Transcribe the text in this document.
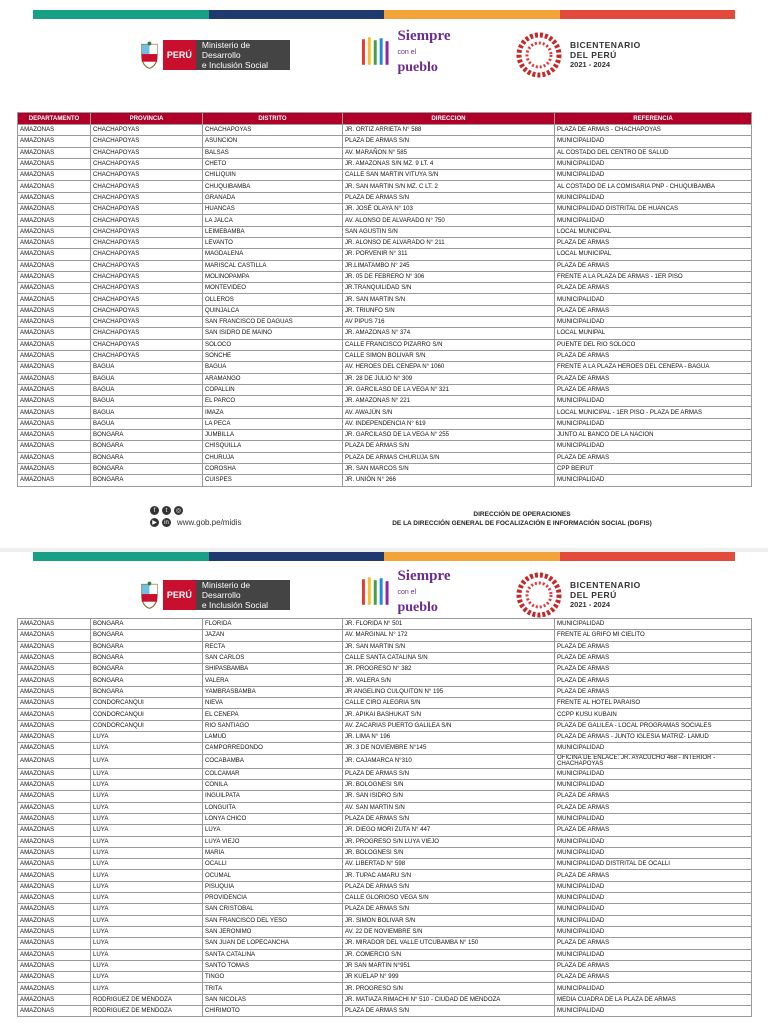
PERÚ
Ministerio de Desarrollo
e Inclusión Social
Siempre
con el pueblo
BICENTENARIO
DEL PERÚ
2021 - 2024
DEPARTAMENTO	PROVINCIA	DISTRITO	DIRECCION	REFERENCIA
AMAZONAS	CHACHAPOYAS	CHACHAPOYAS	JR. ORTIZ ARRIETA N° 588	PLAZA DE ARMAS - CHACHAPOYAS
AMAZONAS	CHACHAPOYAS	ASUNCION	PLAZA DE ARMAS S/N	MUNICIPALIDAD
AMAZONAS	CHACHAPOYAS	BALSAS	AV. MARAÑON N° 585	AL COSTADO DEL CENTRO DE SALUD
AMAZONAS	CHACHAPOYAS	CHETO	JR. AMAZONAS S/N MZ. 9 LT. 4	MUNICIPALIDAD
AMAZONAS	CHACHAPOYAS	CHILIQUIN	CALLE SAN MARTIN VITUYA S/N	MUNICIPALIDAD
AMAZONAS	CHACHAPOYAS	CHUQUIBAMBA	JR. SAN MARTIN S/N MZ. C LT. 2	AL COSTADO DE LA COMISARIA PNP - CHUQUIBAMBA
AMAZONAS	CHACHAPOYAS	GRANADA	PLAZA DE ARMAS S/N	MUNICIPALIDAD
AMAZONAS	CHACHAPOYAS	HUANCAS	JR. JOSÉ OLAYA N° 103	MUNICIPALIDAD DISTRITAL DE HUANCAS
AMAZONAS	CHACHAPOYAS	LA JALCA	AV. ALONSO DE ALVARADO N° 750	MUNICIPALIDAD
AMAZONAS	CHACHAPOYAS	LEIMEBAMBA	SAN AGUSTIN S/N	LOCAL MUNICIPAL
AMAZONAS	CHACHAPOYAS	LEVANTO	JR. ALONSO DE ALVARADO N° 211	PLAZA DE ARMAS
AMAZONAS	CHACHAPOYAS	MAGDALENA	JR. PORVENIR N° 311	LOCAL MUNICIPAL
AMAZONAS	CHACHAPOYAS	MARISCAL CASTILLA	JR.LIMATAMBO N° 245	PLAZA DE ARMAS
AMAZONAS	CHACHAPOYAS	MOLINOPAMPA	JR. 05 DE FEBRERO N° 306	FRENTE A LA PLAZA DE ARMAS - 1ER PISO
AMAZONAS	CHACHAPOYAS	MONTEVIDEO	JR.TRANQUILIDAD S/N	PLAZA DE ARMAS
AMAZONAS	CHACHAPOYAS	OLLEROS	JR. SAN MARTIN S/N	MUNICIPALIDAD
AMAZONAS	CHACHAPOYAS	QUINJALCA	JR. TRIUNFO S/N	PLAZA DE ARMAS
AMAZONAS	CHACHAPOYAS	SAN FRANCISCO DE DAGUAS	AV PIPUS 716	MUNICIPALIDAD
AMAZONAS	CHACHAPOYAS	SAN ISIDRO DE MAINO	JR. AMAZONAS N° 374	LOCAL MUNIPAL
AMAZONAS	CHACHAPOYAS	SOLOCO	CALLE FRANCISCO PIZARRO S/N	PUENTE DEL RIO SOLOCO
AMAZONAS	CHACHAPOYAS	SONCHE	CALLE SIMON BOLIVAR S/N	PLAZA DE ARMAS
AMAZONAS	BAGUA	BAGUA	AV. HEROES DEL CENEPA N° 1060	FRENTE A LA PLAZA HEROES DEL CENEPA - BAGUA
AMAZONAS	BAGUA	ARAMANGO	JR. 28 DE JULIO N° 309	PLAZA DE ARMAS
AMAZONAS	BAGUA	COPALLIN	JR. GARCILASO DE LA VEGA N° 321	PLAZA DE ARMAS
AMAZONAS	BAGUA	EL PARCO	JR. AMAZONAS N° 221	MUNICIPALIDAD
AMAZONAS	BAGUA	IMAZA	AV. AWAJÚN S/N	LOCAL MUNICIPAL - 1ER PISO - PLAZA DE ARMAS
AMAZONAS	BAGUA	LA PECA	AV. INDEPENDENCIA N° 619	MUNICIPALIDAD
AMAZONAS	BONGARA	JUMBILLA	JR. GARCILASO DE LA VEGA N° 255	JUNTO AL BANCO DE LA NACION
AMAZONAS	BONGARA	CHISQUILLA	PLAZA DE ARMAS S/N	MUNICIPALIDAD
AMAZONAS	BONGARA	CHURUJA	PLAZA DE ARMAS CHURUJA S/N	PLAZA DE ARMAS
AMAZONAS	BONGARA	COROSHA	JR. SAN MARCOS S/N	CPP BEIRUT
AMAZONAS	BONGARA	CUISPES	JR. UNIÓN N° 266	MUNICIPALIDAD
f	t	◎
▶	in www.gob.pe/midis
DIRECCIÓN DE OPERACIONES
DE LA DIRECCIÓN GENERAL DE FOCALIZACIÓN E INFORMACIÓN SOCIAL (DGFIS)
PERÚ
Ministerio de Desarrollo
e Inclusión Social
Siempre
con el pueblo
BICENTENARIO
DEL PERÚ
2021 - 2024
AMAZONAS	BONGARA	FLORIDA	JR. FLORIDA N° 501	MUNICIPALIDAD
AMAZONAS	BONGARA	JAZAN	AV. MARGINAL N° 172	FRENTE AL GRIFO MI CIELITO
AMAZONAS	BONGARA	RECTA	JR. SAN MARTIN S/N	PLAZA DE ARMAS
AMAZONAS	BONGARA	SAN CARLOS	CALLE SANTA CATALINA S/N	PLAZA DE ARMAS
AMAZONAS	BONGARA	SHIPASBAMBA	JR. PROGRESO N° 382	PLAZA DE ARMAS
AMAZONAS	BONGARA	VALERA	JR. VALERA S/N	PLAZA DE ARMAS
AMAZONAS	BONGARA	YAMBRASBAMBA	JR ANGELINO CULQUITON N° 195	PLAZA DE ARMAS
AMAZONAS	CONDORCANQUI	NIEVA	CALLE CIRO ALEGRIA S/N	FRENTE AL HOTEL PARAISO
AMAZONAS	CONDORCANQUI	EL CENEPA	JR. APIKAI BASHUKAT S/N	CCPP KUSU KUBAIN
AMAZONAS	CONDORCANQUI	RIO SANTIAGO	AV. ZACARIAS PUERTO GALILEA S/N	PLAZA DE GALILEA - LOCAL PROGRAMAS SOCIALES
AMAZONAS	LUYA	LAMUD	JR. LIMA N° 196	PLAZA DE ARMAS - JUNTO IGLESIA MATRIZ- LAMUD
AMAZONAS	LUYA	CAMPORREDONDO	JR. 3 DE NOVIEMBRE N°145	MUNICIPALIDAD
AMAZONAS	LUYA	COCABAMBA	JR. CAJAMARCA N°310	OFICINA DE ENLACE: JR. AYACUCHO 468 - INTERIOR - CHACHAPOYAS
AMAZONAS	LUYA	COLCAMAR	PLAZA DE ARMAS S/N	MUNICIPALIDAD
AMAZONAS	LUYA	CONILA	JR. BOLOGNESI S/N	MUNICIPALIDAD
AMAZONAS	LUYA	INGUILPATA	JR. SAN ISIDRO S/N	PLAZA DE ARMAS
AMAZONAS	LUYA	LONGUITA	AV. SAN MARTIN S/N	PLAZA DE ARMAS
AMAZONAS	LUYA	LONYA CHICO	PLAZA DE ARMAS S/N	MUNICIPALIDAD
AMAZONAS	LUYA	LUYA	JR. DIEGO MORI ZUTA N° 447	PLAZA DE ARMAS
AMAZONAS	LUYA	LUYA VIEJO	JR. PROGRESO S/N LUYA VIEJO	MUNICIPALIDAD
AMAZONAS	LUYA	MARIA	JR. BOLOGNESI S/N	MUNICIPALIDAD
AMAZONAS	LUYA	OCALLI	AV. LIBERTAD N° 598	MUNICIPALIDAD DISTRITAL DE OCALLI
AMAZONAS	LUYA	OCUMAL	JR. TUPAC AMARU S/N	PLAZA DE ARMAS
AMAZONAS	LUYA	PISUQUIA	PLAZA DE ARMAS S/N	MUNICIPALIDAD
AMAZONAS	LUYA	PROVIDENCIA	CALLE GLORIOSO VEGA S/N	MUNICIPALIDAD
AMAZONAS	LUYA	SAN CRISTOBAL	PLAZA DE ARMAS S/N	MUNICIPALIDAD
AMAZONAS	LUYA	SAN FRANCISCO DEL YESO	JR. SIMON BOLIVAR S/N	MUNICIPALIDAD
AMAZONAS	LUYA	SAN JERONIMO	AV. 22 DE NOVIEMBRE S/N	MUNICIPALIDAD
AMAZONAS	LUYA	SAN JUAN DE LOPECANCHA	JR. MIRADOR DEL VALLE UTCUBAMBA N° 150	PLAZA DE ARMAS
AMAZONAS	LUYA	SANTA CATALINA	JR. COMERCIO S/N	MUNICIPALIDAD
AMAZONAS	LUYA	SANTO TOMAS	JR SAN MARTIN N°951	PLAZA DE ARMAS
AMAZONAS	LUYA	TINGO	JR KUELAP N° 999	PLAZA DE ARMAS
AMAZONAS	LUYA	TRITA	JR. PROGRESO S/N	MUNICIPALIDAD
AMAZONAS	RODRIGUEZ DE MENDOZA	SAN NICOLAS	JR. MATIAZA RIMACHI N° 510 - CIUDAD DE MENDOZA	MEDIA CUADRA DE LA PLAZA DE ARMAS
AMAZONAS	RODRIGUEZ DE MENDOZA	CHIRIMOTO	PLAZA DE ARMAS S/N	MUNICIPALIDAD
